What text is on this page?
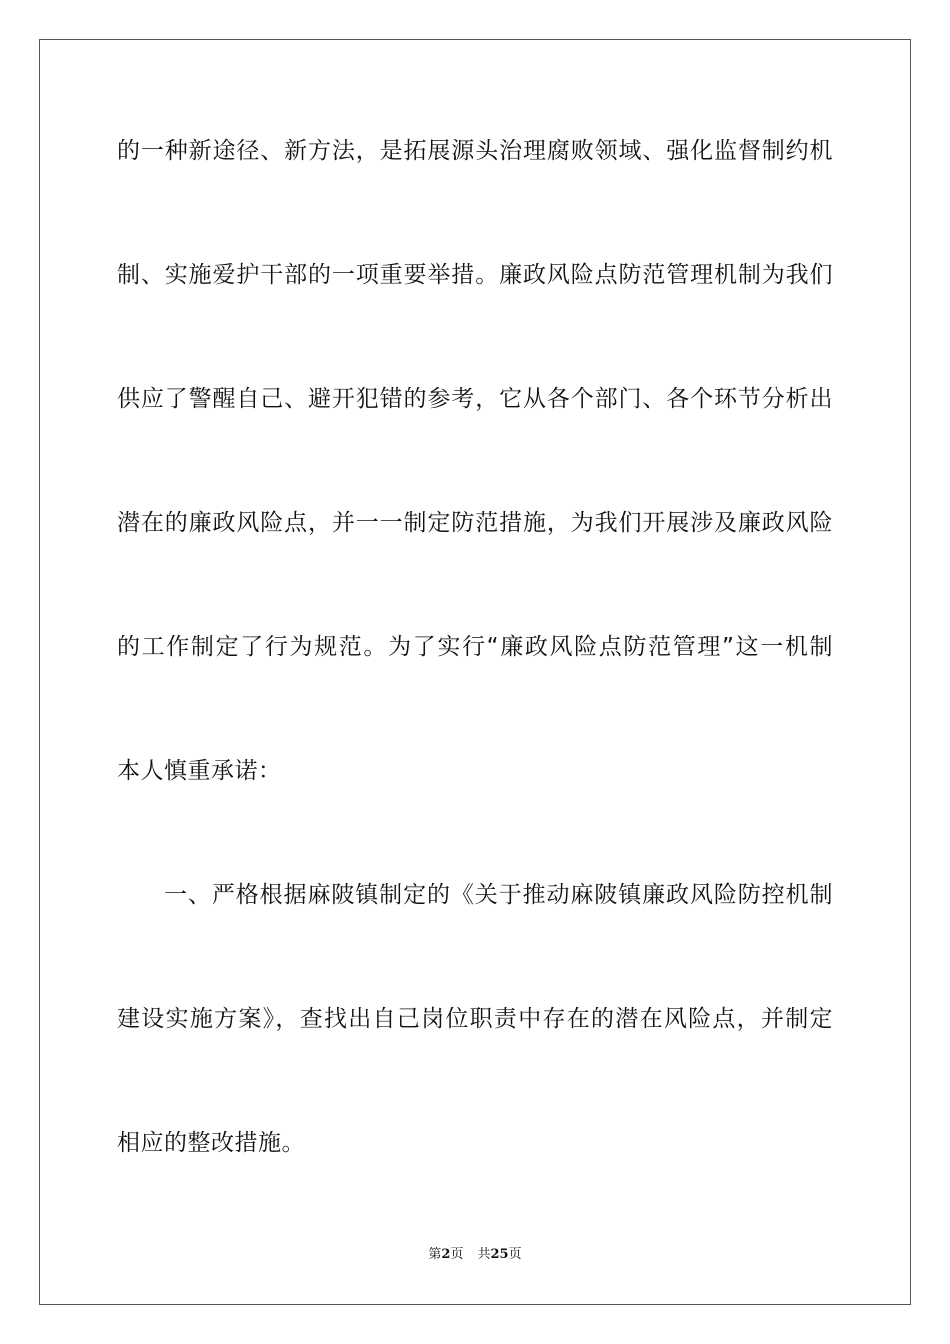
的一种新途径、新方法，是拓展源头治理腐败领域、强化监督制约机
制、实施爱护干部的一项重要举措。廉政风险点防范管理机制为我们
供应了警醒自己、避开犯错的参考，它从各个部门、各个环节分析出
潜在的廉政风险点，并一一制定防范措施，为我们开展涉及廉政风险
的工作制定了行为规范。为了实行“廉政风险点防范管理”这一机制
本人慎重承诺：
一、严格根据麻陂镇制定的《关于推动麻陂镇廉政风险防控机制
建设实施方案》，查找出自己岗位职责中存在的潜在风险点，并制定
相应的整改措施。
第2页 共25页
